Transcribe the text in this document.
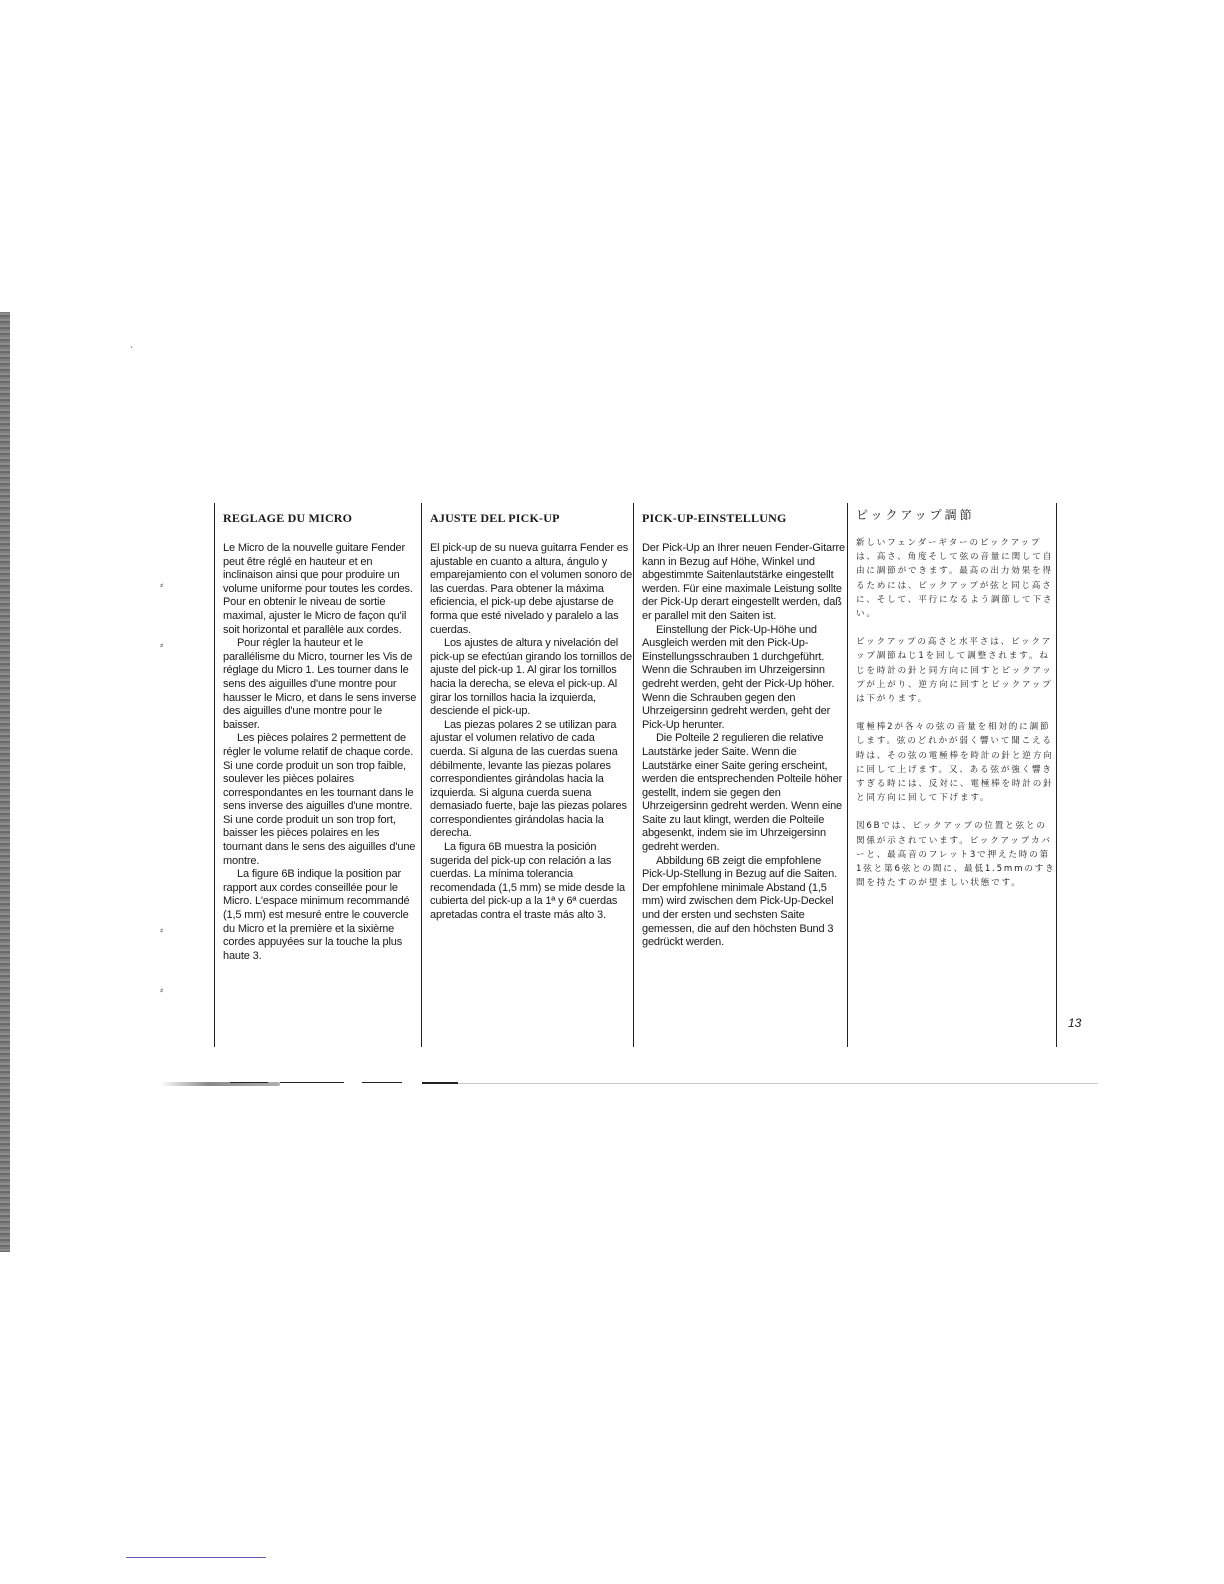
ˋ
⸗
⸗
⸗
⸗
REGLAGE DU MICRO

Le Micro de la nouvelle guitare Fender peut être réglé en hauteur et en inclinaison ainsi que pour produire un volume uniforme pour toutes les cordes. Pour en obtenir le niveau de sortie maximal, ajuster le Micro de façon qu'il soit horizontal et parallèle aux cordes.

Pour régler la hauteur et le parallélisme du Micro, tourner les Vis de réglage du Micro 1. Les tourner dans le sens des aiguilles d'une montre pour hausser le Micro, et dans le sens inverse des aiguilles d'une montre pour le baisser.

Les pièces polaires 2 permettent de régler le volume relatif de chaque corde. Si une corde produit un son trop faible, soulever les pièces polaires correspondantes en les tournant dans le sens inverse des aiguilles d'une montre. Si une corde produit un son trop fort, baisser les pièces polaires en les tournant dans le sens des aiguilles d'une montre.

La figure 6B indique la position par rapport aux cordes conseillée pour le Micro. L'espace minimum recommandé (1,5 mm) est mesuré entre le couvercle du Micro et la première et la sixième cordes appuyées sur la touche la plus haute 3.

AJUSTE DEL PICK-UP

El pick-up de su nueva guitarra Fender es ajustable en cuanto a altura, ángulo y emparejamiento con el volumen sonoro de las cuerdas. Para obtener la máxima eficiencia, el pick-up debe ajustarse de forma que esté nivelado y paralelo a las cuerdas.

Los ajustes de altura y nivelación del pick-up se efectúan girando los tornillos de ajuste del pick-up 1. Al girar los tornillos hacia la derecha, se eleva el pick-up. Al girar los tornillos hacia la izquierda, desciende el pick-up.

Las piezas polares 2 se utilizan para ajustar el volumen relativo de cada cuerda. Si alguna de las cuerdas suena débilmente, levante las piezas polares correspondientes girándolas hacia la izquierda. Si alguna cuerda suena demasiado fuerte, baje las piezas polares correspondientes girándolas hacia la derecha.

La figura 6B muestra la posición sugerida del pick-up con relación a las cuerdas. La mínima tolerancia recomendada (1,5 mm) se mide desde la cubierta del pick-up a la 1ª y 6ª cuerdas apretadas contra el traste más alto 3.

PICK-UP-EINSTELLUNG

Der Pick-Up an Ihrer neuen Fender-Gitarre kann in Bezug auf Höhe, Winkel und abgestimmte Saitenlautstärke eingestellt werden. Für eine maximale Leistung sollte der Pick-Up derart eingestellt werden, daß er parallel mit den Saiten ist.

Einstellung der Pick-Up-Höhe und Ausgleich werden mit den Pick-Up-Einstellungsschrauben 1 durchgeführt. Wenn die Schrauben im Uhrzeigersinn gedreht werden, geht der Pick-Up höher. Wenn die Schrauben gegen den Uhrzeigersinn gedreht werden, geht der Pick-Up herunter.

Die Polteile 2 regulieren die relative Lautstärke jeder Saite. Wenn die Lautstärke einer Saite gering erscheint, werden die entsprechenden Polteile höher gestellt, indem sie gegen den Uhrzeigersinn gedreht werden. Wenn eine Saite zu laut klingt, werden die Polteile abgesenkt, indem sie im Uhrzeigersinn gedreht werden.

Abbildung 6B zeigt die empfohlene Pick-Up-Stellung in Bezug auf die Saiten. Der empfohlene minimale Abstand (1,5 mm) wird zwischen dem Pick-Up-Deckel und der ersten und sechsten Saite gemessen, die auf den höchsten Bund 3 gedrückt werden.

ピックアップ調節

新しいフェンダーギターのピックアップは、高さ、角度そして弦の音量に関して自由に調節ができます。最高の出力効果を得るためには、ピックアップが弦と同じ高さに、そして、平行になるよう調節して下さい。

ピックアップの高さと水平さは、ピックアップ調節ねじ1を回して調整されます。ねじを時計の針と同方向に回すとピックアップが上がり、逆方向に回すとピックアップは下がります。

電極棒2が各々の弦の音量を相対的に調節します。弦のどれかが弱く響いて聞こえる時は、その弦の電極棒を時計の針と逆方向に回して上げます。又、ある弦が強く響きすぎる時には、反対に、電極棒を時計の針と同方向に回して下げます。

図6Bでは、ピックアップの位置と弦との関係が示されています。ピックアップカバーと、最高音のフレット3で押えた時の第1弦と第6弦との間に、最低1.5mmのすき間を持たすのが望ましい状態です。

13
